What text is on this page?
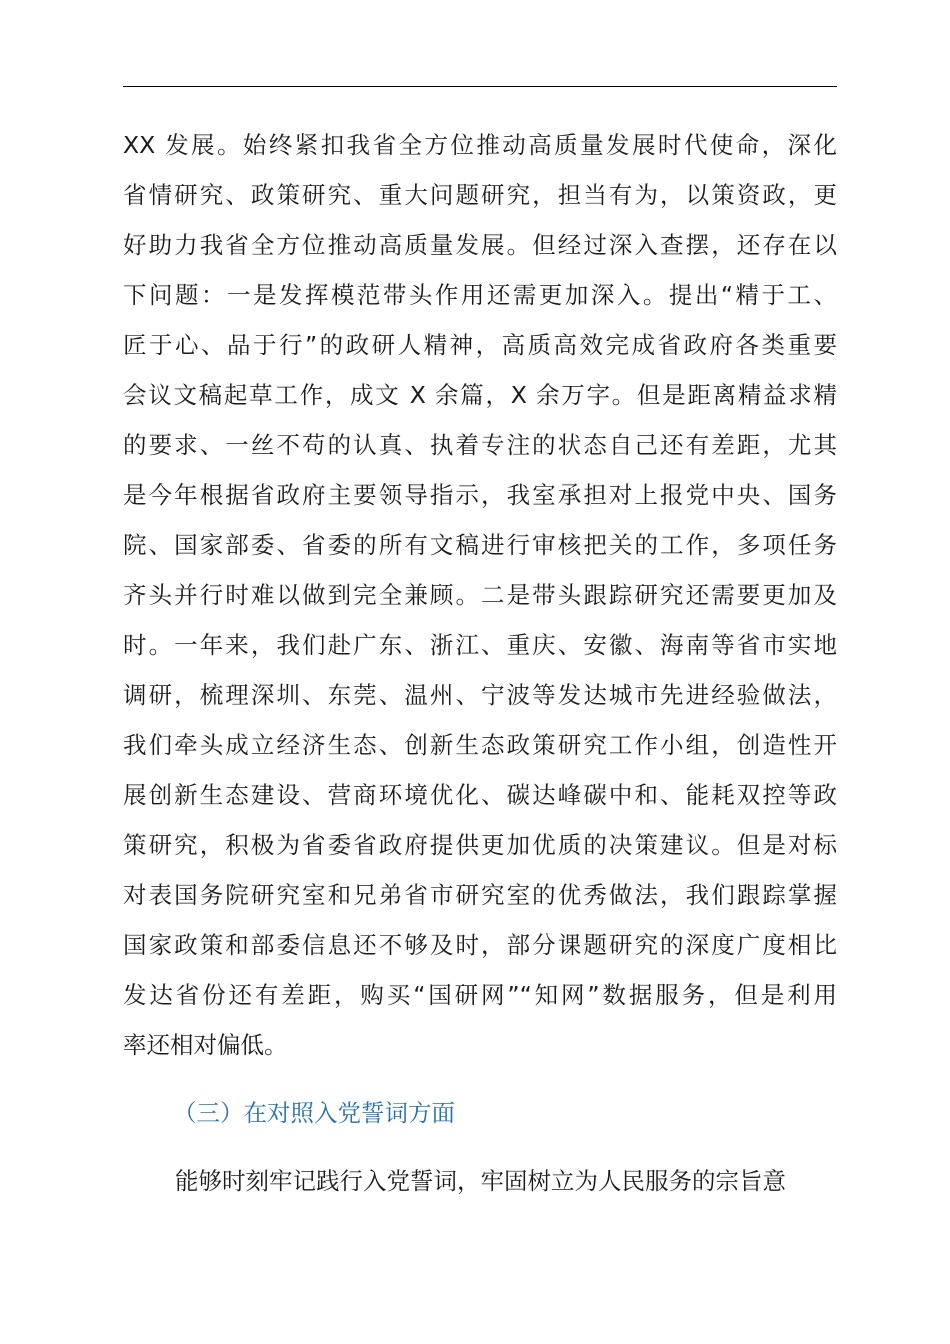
XX 发展。始终紧扣我省全方位推动高质量发展时代使命，深化
省情研究、政策研究、重大问题研究，担当有为，以策资政，更
好助力我省全方位推动高质量发展。但经过深入查摆，还存在以
下问题：一是发挥模范带头作用还需更加深入。提出“精于工、
匠于心、品于行”的政研人精神，高质高效完成省政府各类重要
会议文稿起草工作，成文 X 余篇，X 余万字。但是距离精益求精
的要求、一丝不苟的认真、执着专注的状态自己还有差距，尤其
是今年根据省政府主要领导指示，我室承担对上报党中央、国务
院、国家部委、省委的所有文稿进行审核把关的工作，多项任务
齐头并行时难以做到完全兼顾。二是带头跟踪研究还需要更加及
时。一年来，我们赴广东、浙江、重庆、安徽、海南等省市实地
调研，梳理深圳、东莞、温州、宁波等发达城市先进经验做法，
我们牵头成立经济生态、创新生态政策研究工作小组，创造性开
展创新生态建设、营商环境优化、碳达峰碳中和、能耗双控等政
策研究，积极为省委省政府提供更加优质的决策建议。但是对标
对表国务院研究室和兄弟省市研究室的优秀做法，我们跟踪掌握
国家政策和部委信息还不够及时，部分课题研究的深度广度相比
发达省份还有差距，购买“国研网”“知网”数据服务，但是利用
率还相对偏低。
（三）在对照入党誓词方面
能够时刻牢记践行入党誓词，牢固树立为人民服务的宗旨意
